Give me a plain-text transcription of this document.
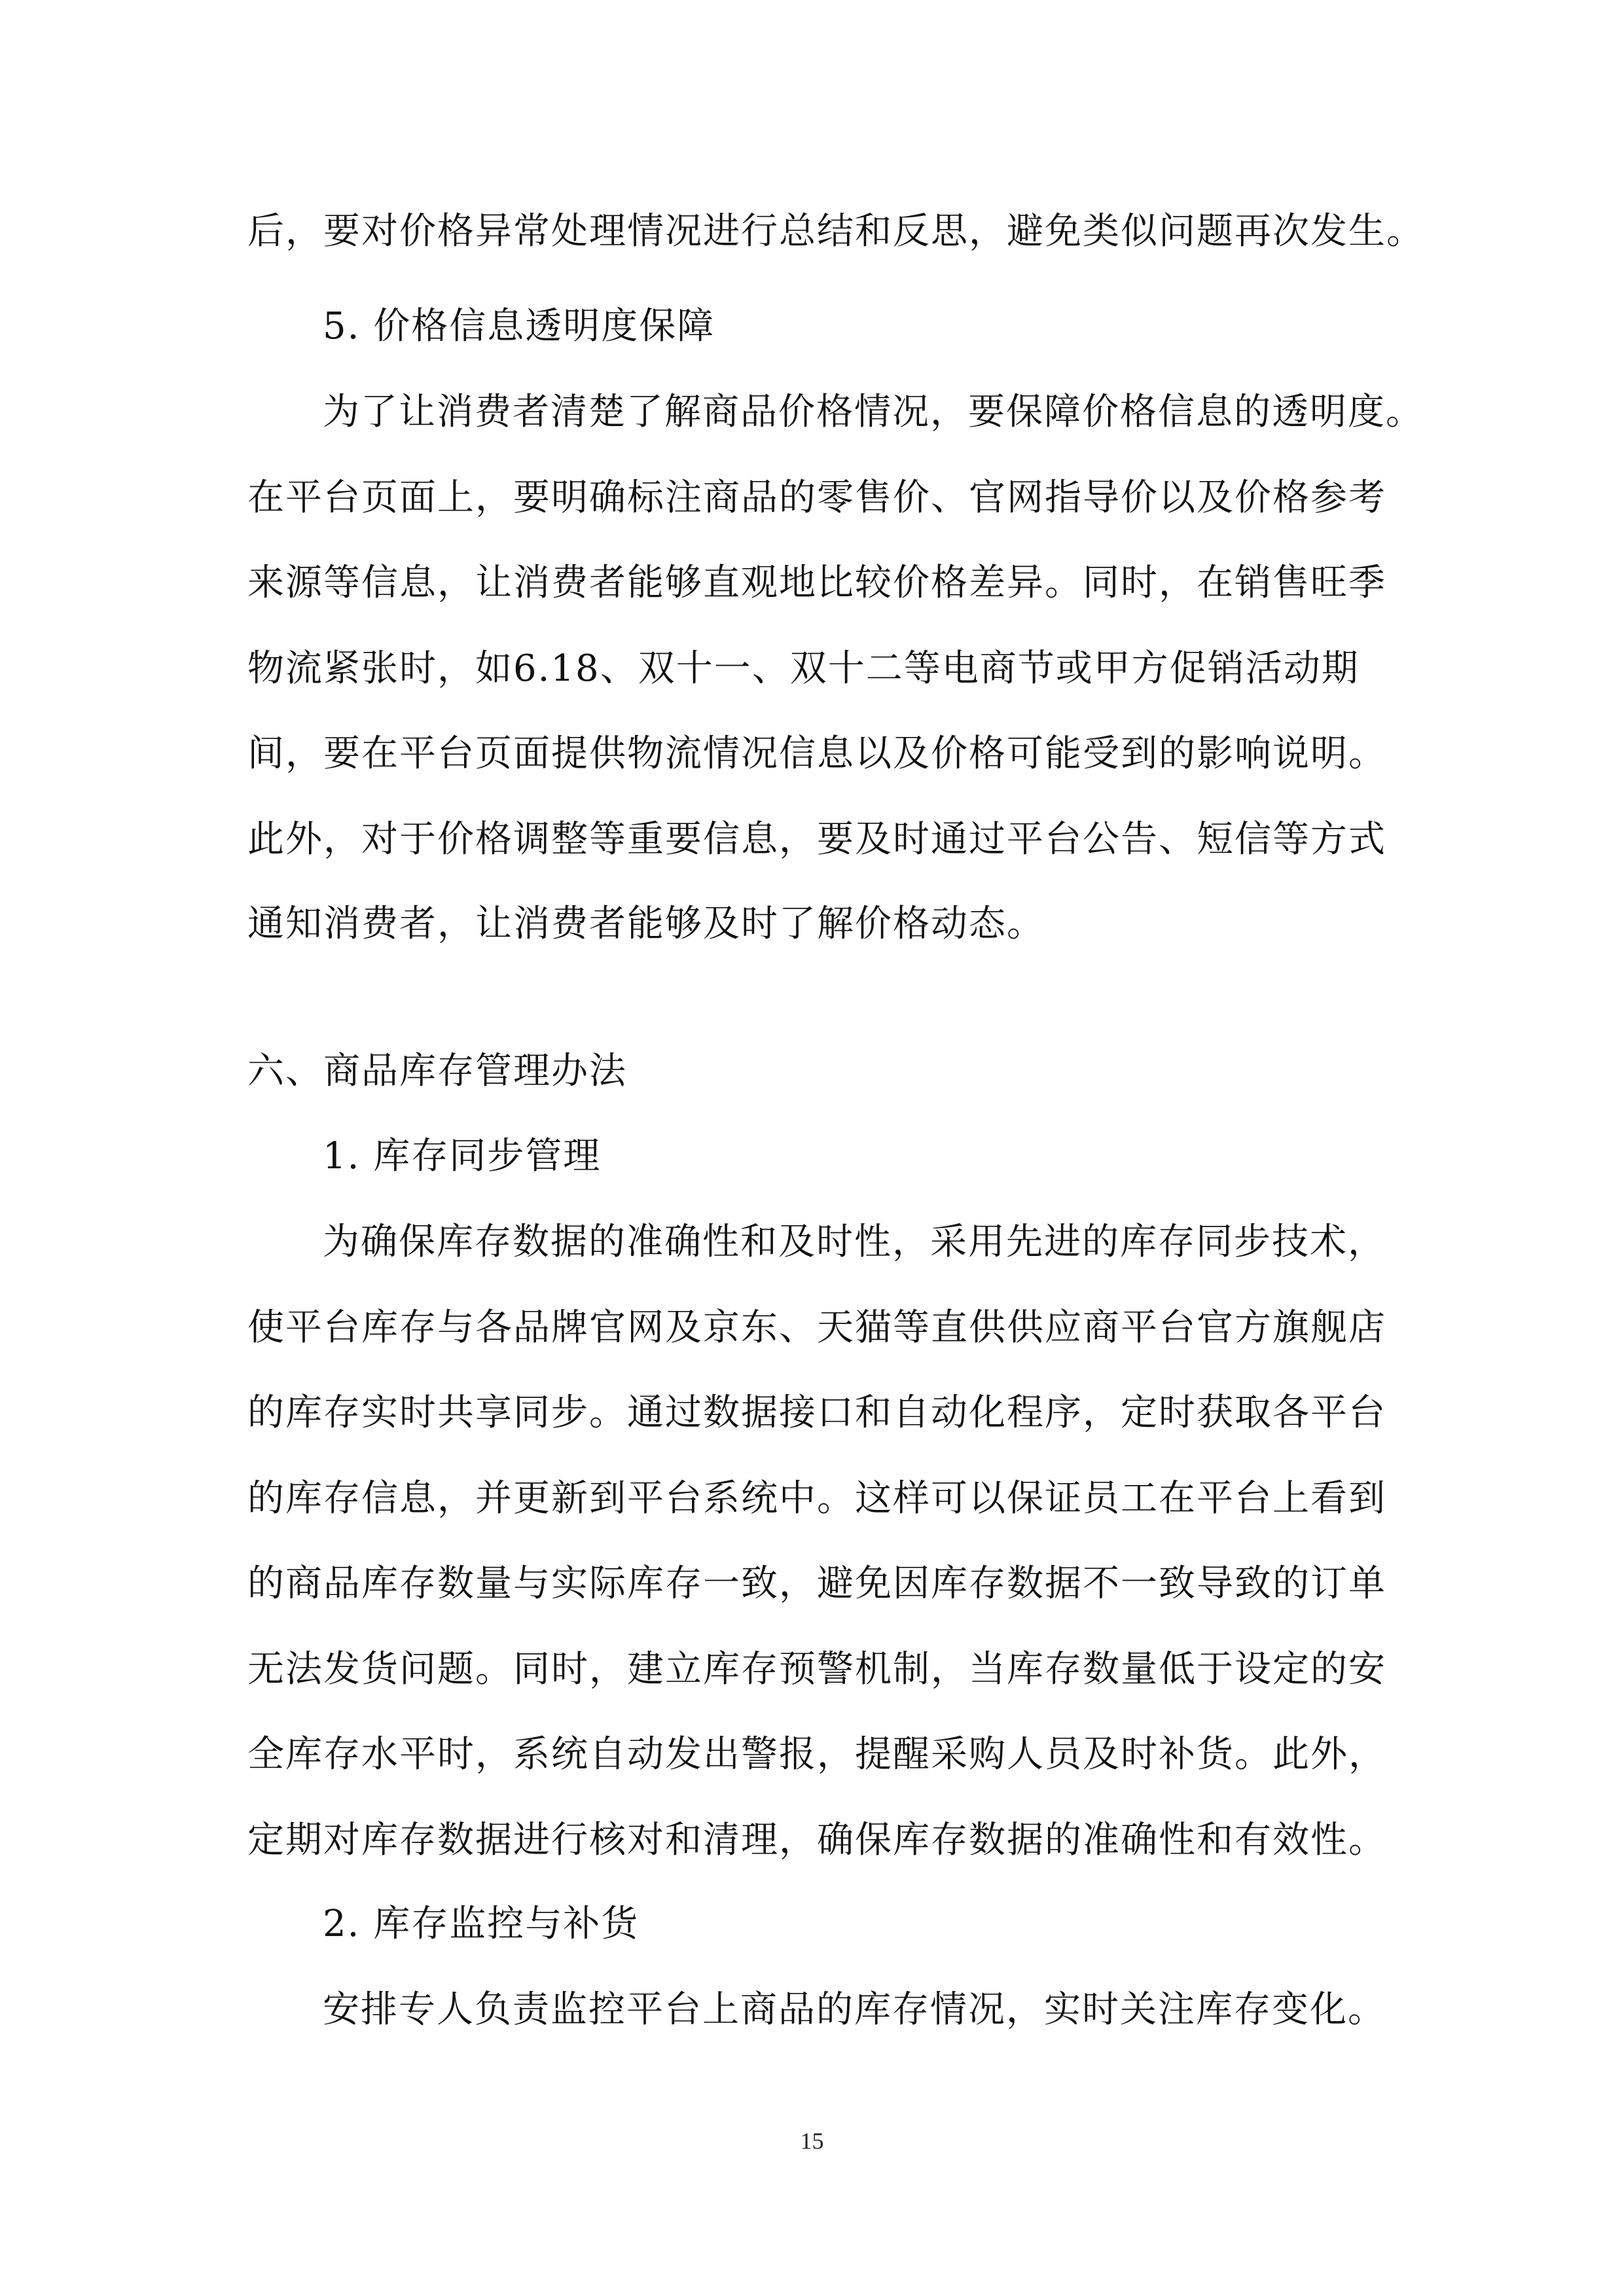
后，要对价格异常处理情况进行总结和反思，避免类似问题再次发生。
5. 价格信息透明度保障
为了让消费者清楚了解商品价格情况，要保障价格信息的透明度。
在平台页面上，要明确标注商品的零售价、官网指导价以及价格参考
来源等信息，让消费者能够直观地比较价格差异。同时，在销售旺季
物流紧张时，如6.18、双十一、双十二等电商节或甲方促销活动期
间，要在平台页面提供物流情况信息以及价格可能受到的影响说明。
此外，对于价格调整等重要信息，要及时通过平台公告、短信等方式
通知消费者，让消费者能够及时了解价格动态。
六、商品库存管理办法
1. 库存同步管理
为确保库存数据的准确性和及时性，采用先进的库存同步技术，
使平台库存与各品牌官网及京东、天猫等直供供应商平台官方旗舰店
的库存实时共享同步。通过数据接口和自动化程序，定时获取各平台
的库存信息，并更新到平台系统中。这样可以保证员工在平台上看到
的商品库存数量与实际库存一致，避免因库存数据不一致导致的订单
无法发货问题。同时，建立库存预警机制，当库存数量低于设定的安
全库存水平时，系统自动发出警报，提醒采购人员及时补货。此外，
定期对库存数据进行核对和清理，确保库存数据的准确性和有效性。
2. 库存监控与补货
安排专人负责监控平台上商品的库存情况，实时关注库存变化。
15
